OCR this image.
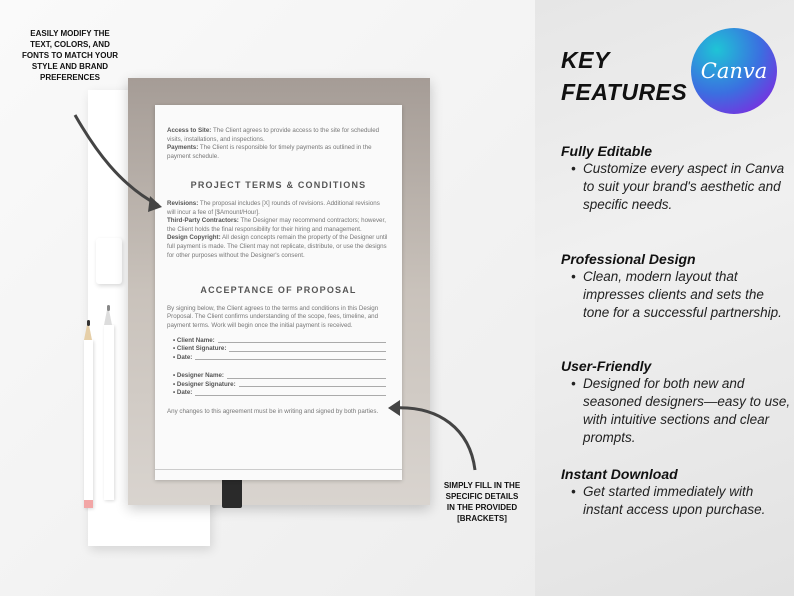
Access to Site: The Client agrees to provide access to the site for scheduled visits, installations, and inspections.
Payments: The Client is responsible for timely payments as outlined in the payment schedule.
PROJECT TERMS & CONDITIONS
Revisions: The proposal includes [X] rounds of revisions. Additional revisions will incur a fee of [$Amount/Hour].
Third-Party Contractors: The Designer may recommend contractors; however, the Client holds the final responsibility for their hiring and management.
Design Copyright: All design concepts remain the property of the Designer until full payment is made. The Client may not replicate, distribute, or use the designs for other purposes without the Designer's consent.
ACCEPTANCE OF PROPOSAL
By signing below, the Client agrees to the terms and conditions in this Design Proposal. The Client confirms understanding of the scope, fees, timeline, and payment terms. Work will begin once the initial payment is received.
• Client Name:
• Client Signature:
• Date:
• Designer Name:
• Designer Signature:
• Date:
Any changes to this agreement must be in writing and signed by both parties.
EASILY MODIFY THE TEXT, COLORS, AND FONTS TO MATCH YOUR STYLE AND BRAND PREFERENCES
SIMPLY FILL IN THE SPECIFIC DETAILS IN THE PROVIDED [BRACKETS]
KEY
FEATURES
Canva
Fully Editable

• Customize every aspect in Canva to suit your brand's aesthetic and specific needs.

Professional Design

• Clean, modern layout that impresses clients and sets the tone for a successful partnership.

User-Friendly

• Designed for both new and seasoned designers—easy to use, with intuitive sections and clear prompts.

Instant Download

• Get started immediately with instant access upon purchase.
